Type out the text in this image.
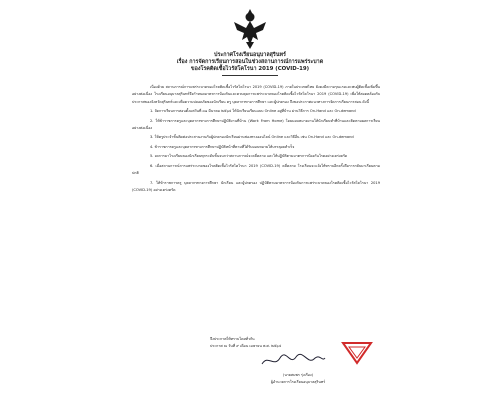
ประกาศโรงเรียนอนุบาลสุรินทร์
เรื่อง การจัดการเรียนการสอนในช่วงสถานการณ์การแพร่ระบาด
ของโรคติดเชื้อไวรัสโคโรนา 2019 (COVID-19)

เนื่องด้วย สถานการณ์การแพร่ระบาดของโรคติดเชื้อไวรัสโคโรนา 2019 (COVID-19) ภายในประเทศไทย ยังคงมีความรุนแรงและพบผู้ติดเชื้อเพิ่มขึ้นอย่างต่อเนื่อง โรงเรียนอนุบาลสุรินทร์จึงกำหนดมาตรการป้องกันและควบคุมการแพร่ระบาดของโรคติดเชื้อไวรัสโคโรนา 2019 (COVID-19) เพื่อให้สอดคล้องกับประกาศของจังหวัดสุรินทร์และเพื่อความปลอดภัยของนักเรียน ครู บุคลากรทางการศึกษา และผู้ปกครอง จึงขอประกาศแนวทางการจัดการเรียนการสอน ดังนี้

1. จัดการเรียนการสอนตั้งแต่วันที่ ๓๑ มีนาคม ๒๕๖๔ ให้นักเรียนเรียนแบบ Online อยู่ที่บ้าน ผ่านวิธีการ On-Hand และ On-demand

2. ให้ข้าราชการครูและบุคลากรทางการศึกษาปฏิบัติงานที่บ้าน (Work From Home) โดยมอบหมายงานให้นักเรียนทำที่บ้านและติดตามผลการเรียนอย่างต่อเนื่อง

3. ให้ครูประจำชั้นติดต่อประสานงานกับผู้ปกครองนักเรียนผ่านช่องทางออนไลน์ Online และวิธีอื่น เช่น On-Hand และ On-demand

4. ข้าราชการครูและบุคลากรทางการศึกษาปฏิบัติหน้าที่ตามที่ได้รับมอบหมายให้บรรลุผลสำเร็จ

5. งดการมาโรงเรียนของนักเรียนทุกระดับชั้นจนกว่าสถานการณ์จะคลี่คลาย และให้ปฏิบัติตามมาตรการป้องกันโรคอย่างเคร่งครัด

6. เมื่อสถานการณ์การแพร่ระบาดของโรคติดเชื้อไวรัสโคโรนา 2019 (COVID-19) คลี่คลาย โรงเรียนจะแจ้งให้ทราบอีกครั้งถึงการกลับมาเรียนตามปกติ

7. ให้ข้าราชการครู บุคลากรทางการศึกษา นักเรียน และผู้ปกครอง ปฏิบัติตามมาตรการป้องกันการแพร่ระบาดของโรคติดเชื้อไวรัสโคโรนา 2019 (COVID-19) อย่างเคร่งครัด

จึงประกาศให้ทราบโดยทั่วกัน
ประกาศ ณ วันที่ ๙ เดือน เมษายน พ.ศ. ๒๕๖๔
(นายสมพร รุ่งเรือง)
ผู้อำนวยการโรงเรียนอนุบาลสุรินทร์
